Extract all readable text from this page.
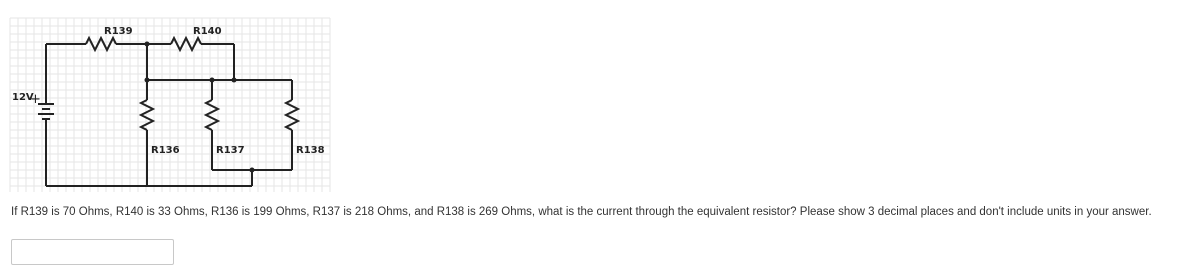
12V
+
R139	R140
R136	R137	R138
If R139 is 70 Ohms, R140 is 33 Ohms, R136 is 199 Ohms, R137 is 218 Ohms, and R138 is 269 Ohms, what is the current through the equivalent resistor? Please show 3 decimal places and don't include units in your answer.
